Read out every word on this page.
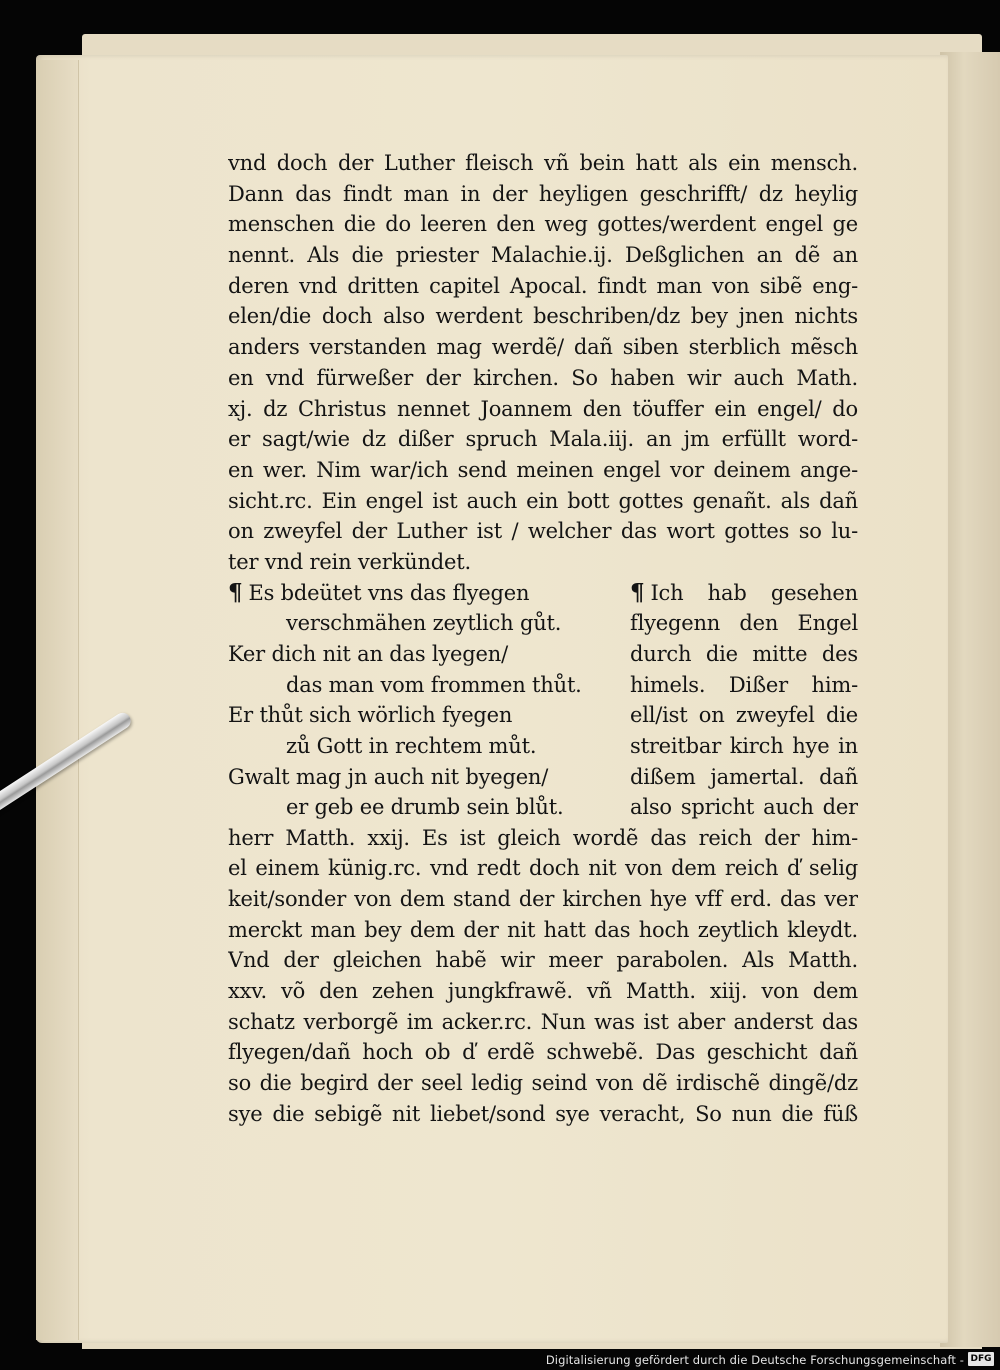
vnd doch der Luther fleisch vñ bein hatt als ein mensch.
Dann das findt man in der heyligen geschrifft/ dz heylig
menschen die do leeren den weg gottes/werdent engel ge
nennt. Als die priester Malachie.ij. Deßglichen an dẽ an
deren vnd dritten capitel Apocal. findt man von sibẽ eng-
elen/die doch also werdent beschriben/dz bey jnen nichts
anders verstanden mag werdẽ/ dañ siben sterblich mẽsch
en vnd fürweßer der kirchen. So haben wir auch Math.
xj. dz Christus nennet Joannem den töuffer ein engel/ do
er sagt/wie dz dißer spruch Mala.iij. an jm erfüllt word-
en wer. Nim war/ich send meinen engel vor deinem ange-
sicht.rc. Ein engel ist auch ein bott gottes genañt. als dañ
on zweyfel der Luther ist / welcher das wort gottes so lu-
ter vnd rein verkündet.
¶ Es bdeütet vns das flyegen
verschmähen zeytlich gůt.
Ker dich nit an das lyegen/
das man vom frommen thůt.
Er thůt sich wörlich fyegen
zů Gott in rechtem můt.
Gwalt mag jn auch nit byegen/
er geb ee drumb sein blůt.
¶ Ich hab gesehen
flyegenn den Engel
durch die mitte des
himels. Dißer him-
ell/ist on zweyfel die
streitbar kirch hye in
dißem jamertal. dañ
also spricht auch der
herr Matth. xxij. Es ist gleich wordẽ das reich der him-
el einem künig.rc. vnd redt doch nit von dem reich ď selig
keit/sonder von dem stand der kirchen hye vff erd. das ver
merckt man bey dem der nit hatt das hoch zeytlich kleydt.
Vnd der gleichen habẽ wir meer parabolen. Als Matth.
xxv. võ den zehen jungkfrawẽ. vñ Matth. xiij. von dem
schatz verborgẽ im acker.rc. Nun was ist aber anderst das
flyegen/dañ hoch ob ď erdẽ schwebẽ. Das geschicht dañ
so die begird der seel ledig seind von dẽ irdischẽ dingẽ/dz
sye die sebigẽ nit liebet/sond sye veracht, So nun die füß
Digitalisierung gefördert durch die Deutsche Forschungsgemeinschaft - DFG
